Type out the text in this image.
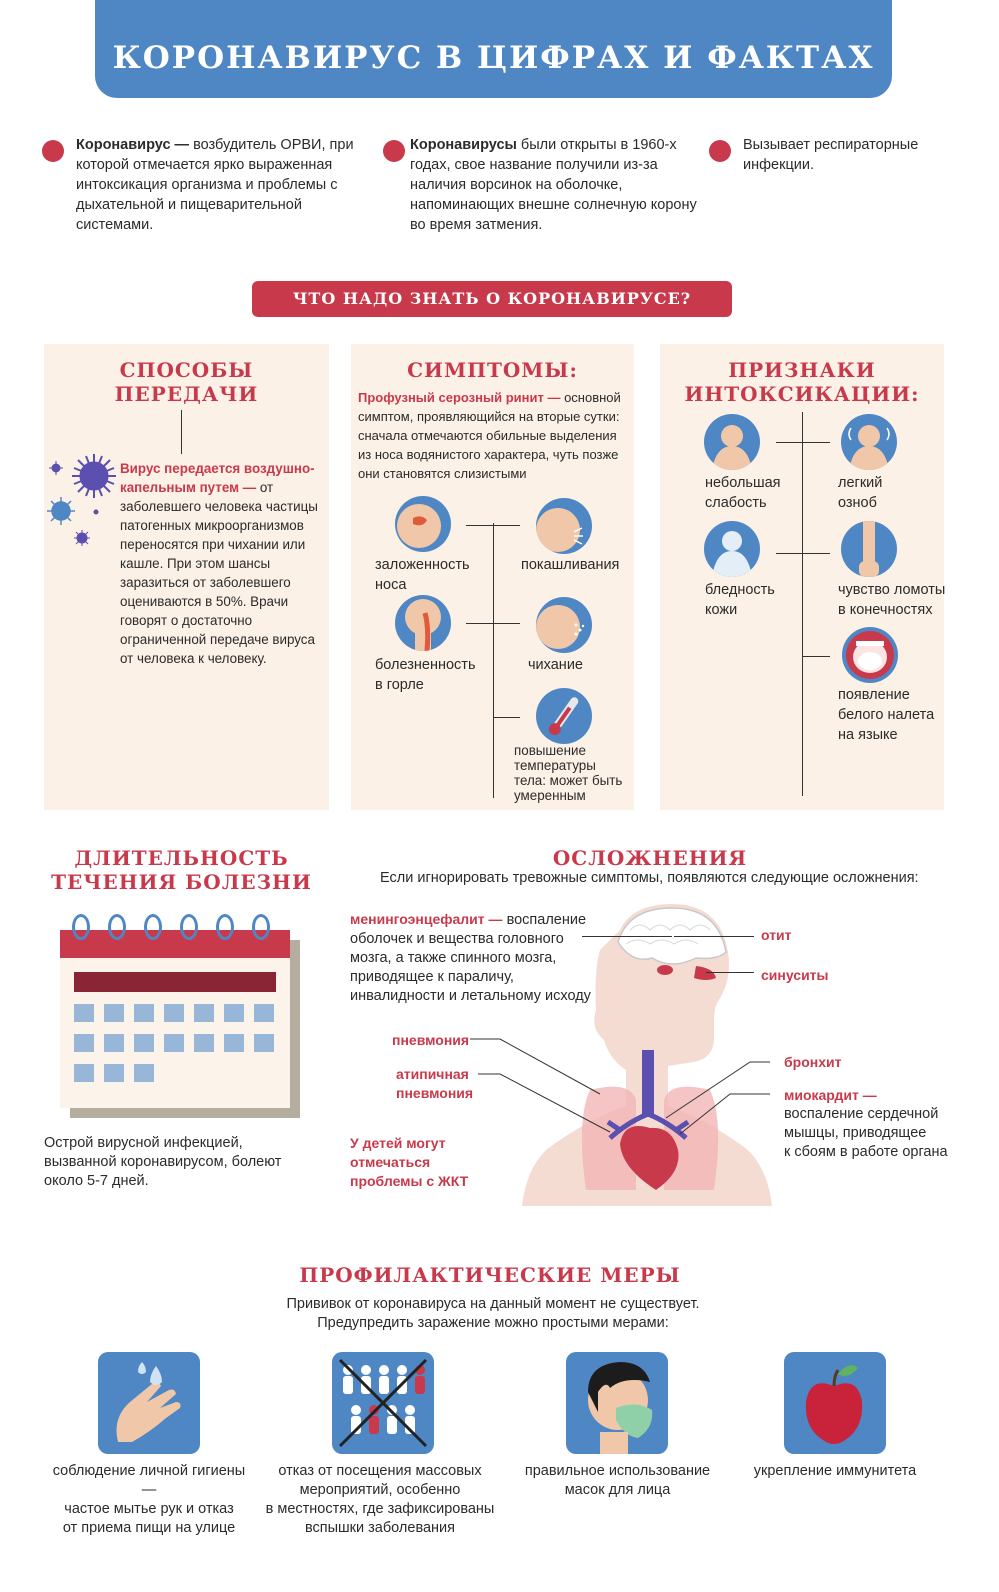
КОРОНАВИРУС В ЦИФРАХ И ФАКТАХ
Коронавирус — возбудитель ОРВИ, при которой отмечается ярко выраженная интоксикация организма и проблемы с дыхательной и пищеварительной системами.
Коронавирусы были открыты в 1960-х годах, свое название получили из-за наличия ворсинок на оболочке, напоминающих внешне солнечную корону во время затмения.
Вызывает респираторные инфекции.
ЧТО НАДО ЗНАТЬ О КОРОНАВИРУСЕ?
СПОСОБЫ
ПЕРЕДАЧИ
Вирус передается воздушно-капельным путем — от заболевшего человека частицы патогенных микроорганизмов переносятся при чихании или кашле. При этом шансы заразиться от заболевшего оцениваются в 50%. Врачи говорят о достаточно ограниченной передаче вируса от человека к человеку.
СИМПТОМЫ:
Профузный серозный ринит — основной симптом, проявляющийся на вторые сутки: сначала отмечаются обильные выделения из носа водянистого характера, чуть позже они становятся слизистыми
заложенность
носа
покашливания
болезненность
в горле
чихание
повышение
температуры
тела: может быть
умеренным
ПРИЗНАКИ
ИНТОКСИКАЦИИ:
небольшая
слабость
легкий
озноб
бледность
кожи
чувство ломоты
в конечностях
появление
белого налета
на языке
ДЛИТЕЛЬНОСТЬ
ТЕЧЕНИЯ БОЛЕЗНИ
Острой вирусной инфекцией,
вызванной коронавирусом, болеют
около 5-7 дней.
ОСЛОЖНЕНИЯ
Если игнорировать тревожные симптомы, появляются следующие осложнения:
менингоэнцефалит — воспаление
оболочек и вещества головного
мозга, а также спинного мозга,
приводящее к параличу,
инвалидности и летальному исходу
отит
синуситы
пневмония
атипичная
пневмония
бронхит
миокардит —
воспаление сердечной
мышцы, приводящее
к сбоям в работе органа
У детей могут
отмечаться
проблемы с ЖКТ
ПРОФИЛАКТИЧЕСКИЕ МЕРЫ
Прививок от коронавируса на данный момент не существует.
Предупредить заражение можно простыми мерами:
соблюдение личной гигиены —
частое мытье рук и отказ
от приема пищи на улице
отказ от посещения массовых
мероприятий, особенно
в местностях, где зафиксированы
вспышки заболевания
правильное использование
масок для лица
укрепление иммунитета
